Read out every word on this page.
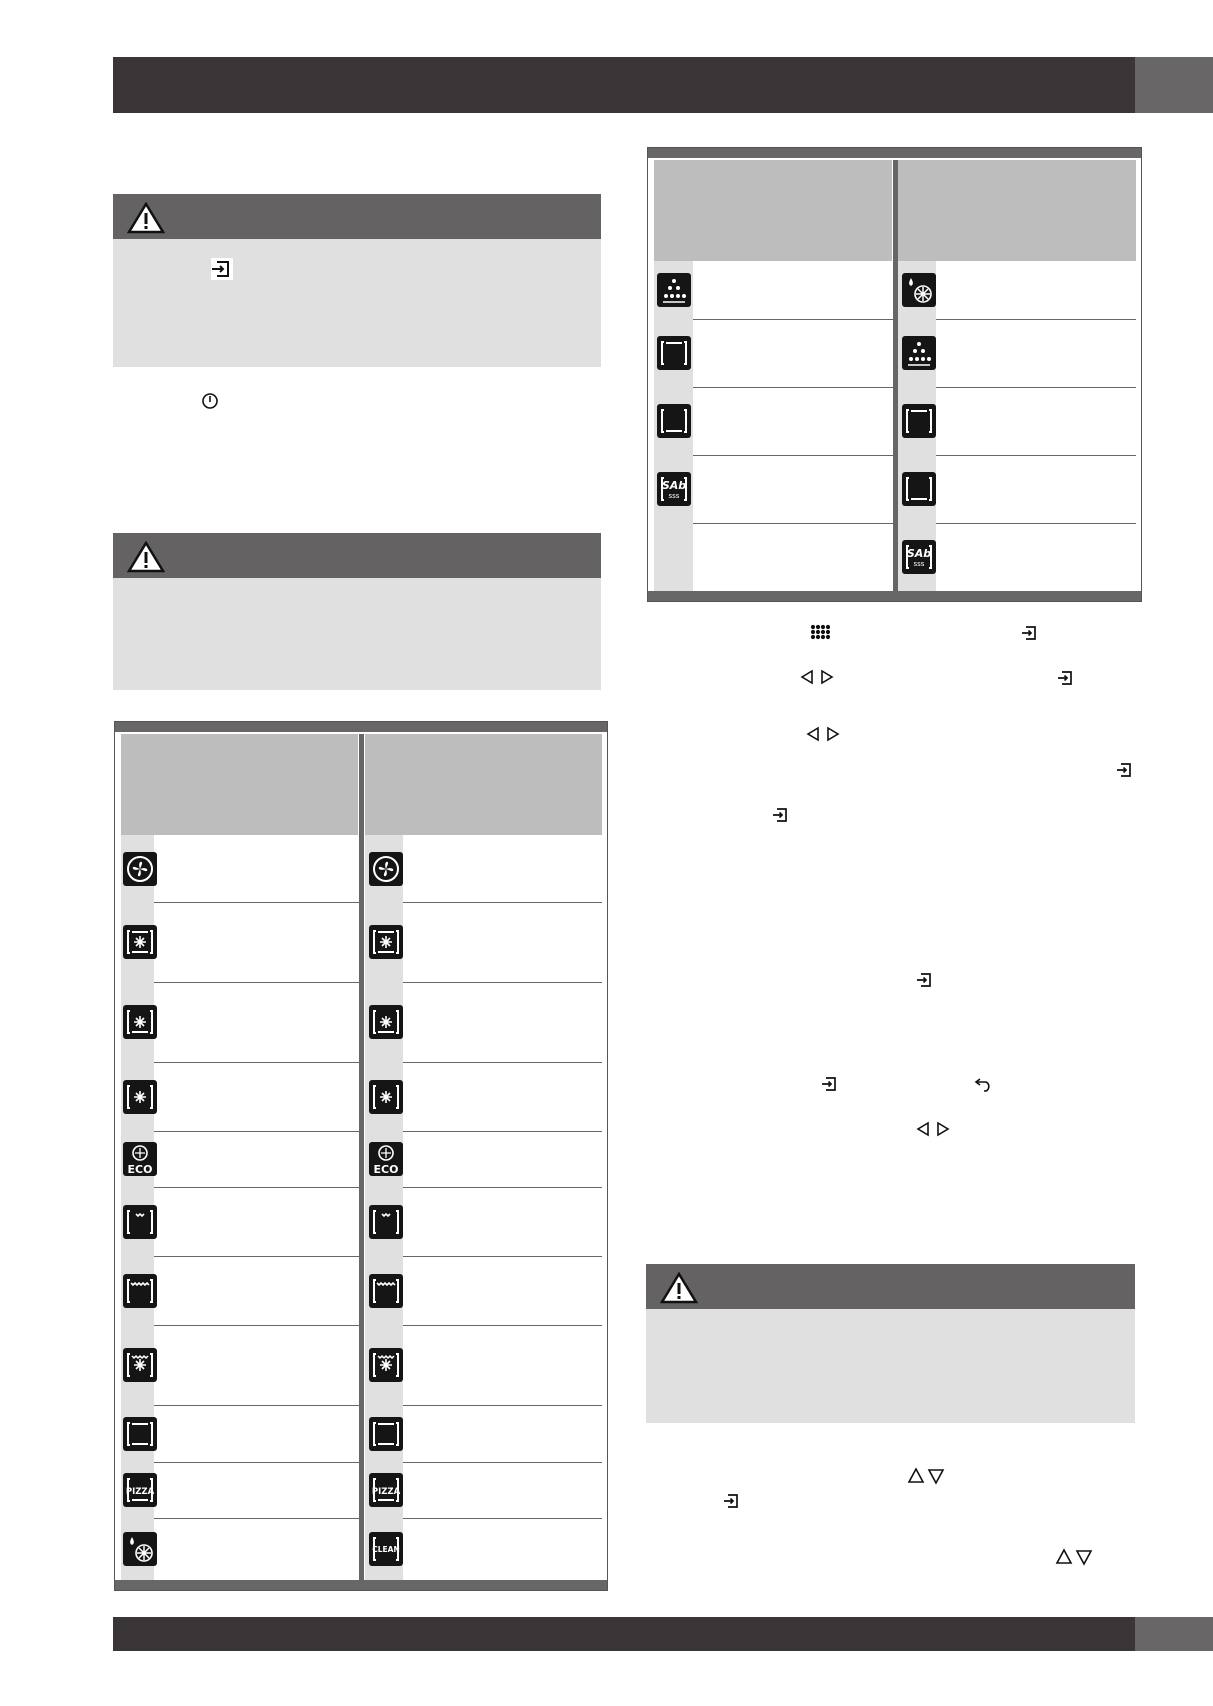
ECO	ECO
PIZZA	PIZZA
CLEAN
SAb
sss
SAb
sss
